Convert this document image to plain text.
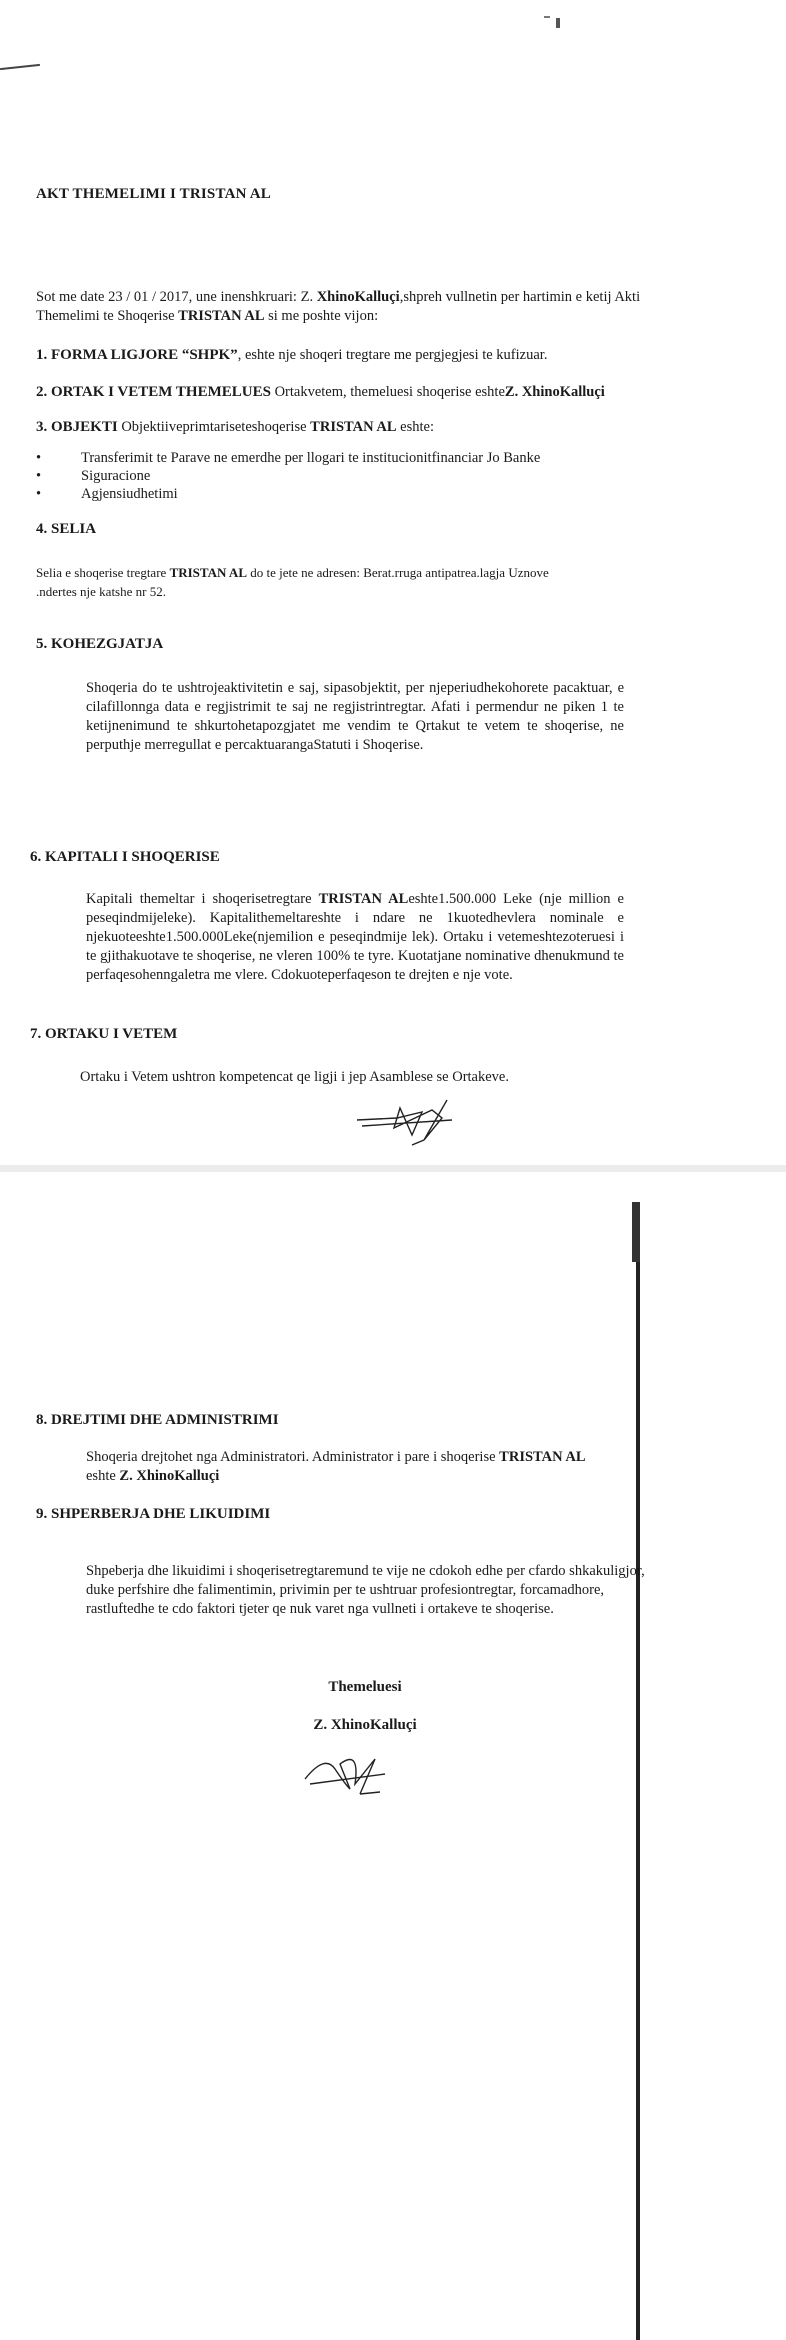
AKT THEMELIMI I TRISTAN AL
Sot me date 23 / 01 / 2017, une inenshkruari: Z. XhinoKalluçi,shpreh vullnetin per hartimin e ketij Akti Themelimi te Shoqerise TRISTAN AL si me poshte vijon:
1. FORMA LIGJORE “SHPK”, eshte nje shoqeri tregtare me pergjegjesi te kufizuar.
2. ORTAK I VETEM THEMELUES Ortakvetem, themeluesi shoqerise eshteZ. XhinoKalluçi
3. OBJEKTI Objektiiveprimtariseteshoqerise TRISTAN AL eshte:
• Transferimit te Parave ne emerdhe per llogari te institucionitfinanciar Jo Banke
• Siguracione
• Agjensiudhetimi
4. SELIA
Selia e shoqerise tregtare TRISTAN AL do te jete ne adresen: Berat.rruga antipatrea.lagja Uznove
.ndertes nje katshe nr 52.
5. KOHEZGJATJA
Shoqeria do te ushtrojeaktivitetin e saj, sipasobjektit, per njeperiudhekohorete pacaktuar, e cilafillonnga data e regjistrimit te saj ne regjistrintregtar. Afati i permendur ne piken 1 te ketijnenimund te shkurtohetapozgjatet me vendim te Qrtakut te vetem te shoqerise, ne perputhje merregullat e percaktuarangaStatuti i Shoqerise.
6. KAPITALI I SHOQERISE
Kapitali themeltar i shoqerisetregtare TRISTAN ALeshte1.500.000 Leke (nje million e peseqindmijeleke). Kapitalithemeltareshte i ndare ne 1kuotedhevlera nominale e njekuoteeshte1.500.000Leke(njemilion e peseqindmije lek). Ortaku i vetemeshtezoteruesi i te gjithakuotave te shoqerise, ne vleren 100% te tyre. Kuotatjane nominative dhenukmund te perfaqesohenngaletra me vlere. Cdokuoteperfaqeson te drejten e nje vote.
7. ORTAKU I VETEM
Ortaku i Vetem ushtron kompetencat qe ligji i jep Asamblese se Ortakeve.
8. DREJTIMI DHE ADMINISTRIMI
Shoqeria drejtohet nga Administratori. Administrator i pare i shoqerise TRISTAN AL
eshte Z. XhinoKalluçi
9. SHPERBERJA DHE LIKUIDIMI
Shpeberja dhe likuidimi i shoqerisetregtaremund te vije ne cdokoh edhe per cfardo shkakuligjor, duke perfshire dhe falimentimin, privimin per te ushtruar profesiontregtar, forcamadhore, rastluftedhe te cdo faktori tjeter qe nuk varet nga vullneti i ortakeve te shoqerise.
Themeluesi
Z. XhinoKalluçi
